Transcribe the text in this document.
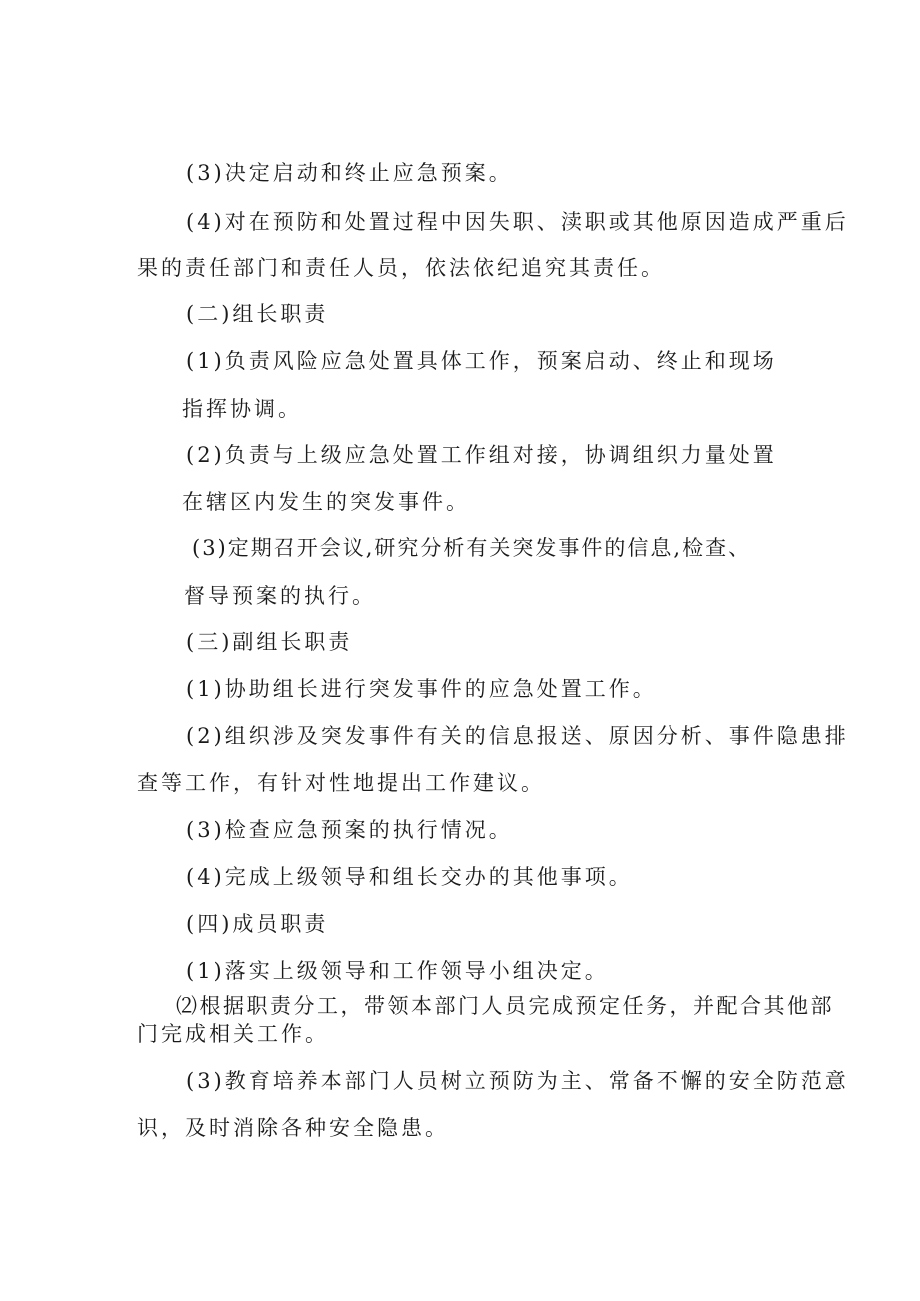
(3)决定启动和终止应急预案。
(4)对在预防和处置过程中因失职、渎职或其他原因造成严重后
果的责任部门和责任人员，依法依纪追究其责任。
(二)组长职责
(1)负责风险应急处置具体工作，预案启动、终止和现场
指挥协调。
(2)负责与上级应急处置工作组对接，协调组织力量处置
在辖区内发生的突发事件。
(3)定期召开会议,研究分析有关突发事件的信息,检查、
督导预案的执行。
(三)副组长职责
(1)协助组长进行突发事件的应急处置工作。
(2)组织涉及突发事件有关的信息报送、原因分析、事件隐患排
查等工作，有针对性地提出工作建议。
(3)检查应急预案的执行情况。
(4)完成上级领导和组长交办的其他事项。
(四)成员职责
(1)落实上级领导和工作领导小组决定。
⑵根据职责分工，带领本部门人员完成预定任务，并配合其他部
门完成相关工作。
(3)教育培养本部门人员树立预防为主、常备不懈的安全防范意
识，及时消除各种安全隐患。
